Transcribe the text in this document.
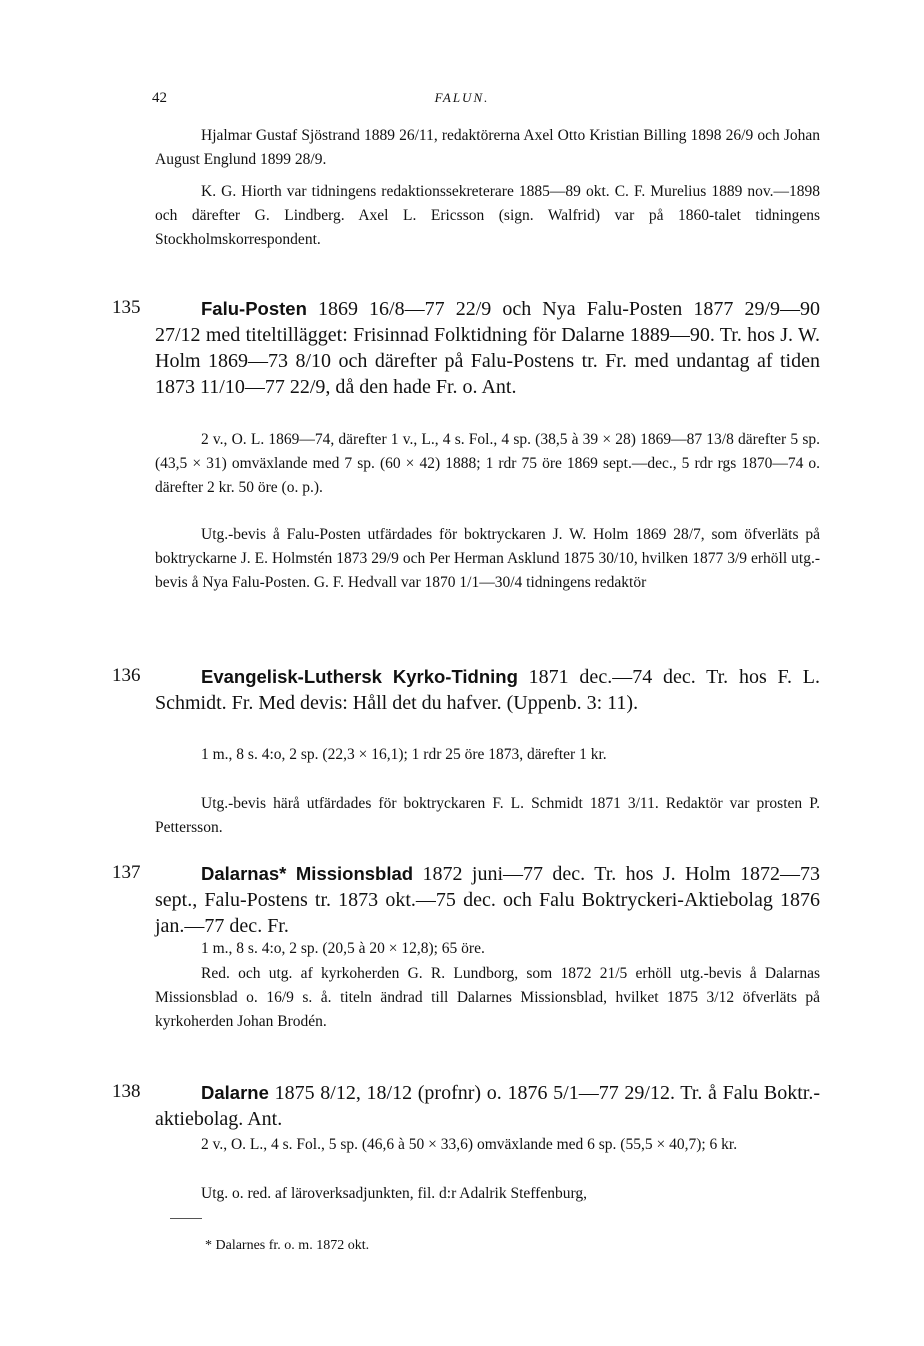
42	FALUN.

Hjalmar Gustaf Sjöstrand 1889 26/11, redaktörerna Axel Otto Kristian Billing 1898 26/9 och Johan August Englund 1899 28/9.

K. G. Hiorth var tidningens redaktionssekreterare 1885—89 okt. C. F. Murelius 1889 nov.—1898 och därefter G. Lindberg. Axel L. Ericsson (sign. Walfrid) var på 1860-talet tidningens Stockholmskorrespondent.

135	Falu-Posten 1869 16/8—77 22/9 och Nya Falu-Posten 1877 29/9—90 27/12 med titeltillägget: Frisinnad Folktidning för Dalarne 1889—90. Tr. hos J. W. Holm 1869—73 8/10 och därefter på Falu-Postens tr. Fr. med undantag af tiden 1873 11/10—77 22/9, då den hade Fr. o. Ant.

2 v., O. L. 1869—74, därefter 1 v., L., 4 s. Fol., 4 sp. (38,5 à 39 × 28) 1869—87 13/8 därefter 5 sp. (43,5 × 31) omväxlande med 7 sp. (60 × 42) 1888; 1 rdr 75 öre 1869 sept.—dec., 5 rdr rgs 1870—74 o. därefter 2 kr. 50 öre (o. p.).

Utg.-bevis å Falu-Posten utfärdades för boktryckaren J. W. Holm 1869 28/7, som öfverläts på boktryckarne J. E. Holmstén 1873 29/9 och Per Herman Asklund 1875 30/10, hvilken 1877 3/9 erhöll utg.-bevis å Nya Falu-Posten. G. F. Hedvall var 1870 1/1—30/4 tidningens redaktör

136	Evangelisk-Luthersk Kyrko-Tidning 1871 dec.—74 dec. Tr. hos F. L. Schmidt. Fr. Med devis: Håll det du hafver. (Uppenb. 3: 11).

1 m., 8 s. 4:o, 2 sp. (22,3 × 16,1); 1 rdr 25 öre 1873, därefter 1 kr.

Utg.-bevis härå utfärdades för boktryckaren F. L. Schmidt 1871 3/11. Redaktör var prosten P. Pettersson.

137	Dalarnas* Missionsblad 1872 juni—77 dec. Tr. hos J. Holm 1872—73 sept., Falu-Postens tr. 1873 okt.—75 dec. och Falu Boktryckeri-Aktiebolag 1876 jan.—77 dec. Fr.

1 m., 8 s. 4:o, 2 sp. (20,5 à 20 × 12,8); 65 öre.

Red. och utg. af kyrkoherden G. R. Lundborg, som 1872 21/5 erhöll utg.-bevis å Dalarnas Missionsblad o. 16/9 s. å. titeln ändrad till Dalarnes Missionsblad, hvilket 1875 3/12 öfverläts på kyrkoherden Johan Brodén.

138	Dalarne 1875 8/12, 18/12 (profnr) o. 1876 5/1—77 29/12. Tr. å Falu Boktr.-aktiebolag. Ant.

2 v., O. L., 4 s. Fol., 5 sp. (46,6 à 50 × 33,6) omväxlande med 6 sp. (55,5 × 40,7); 6 kr.

Utg. o. red. af läroverksadjunkten, fil. d:r Adalrik Steffenburg,

* Dalarnes fr. o. m. 1872 okt.
